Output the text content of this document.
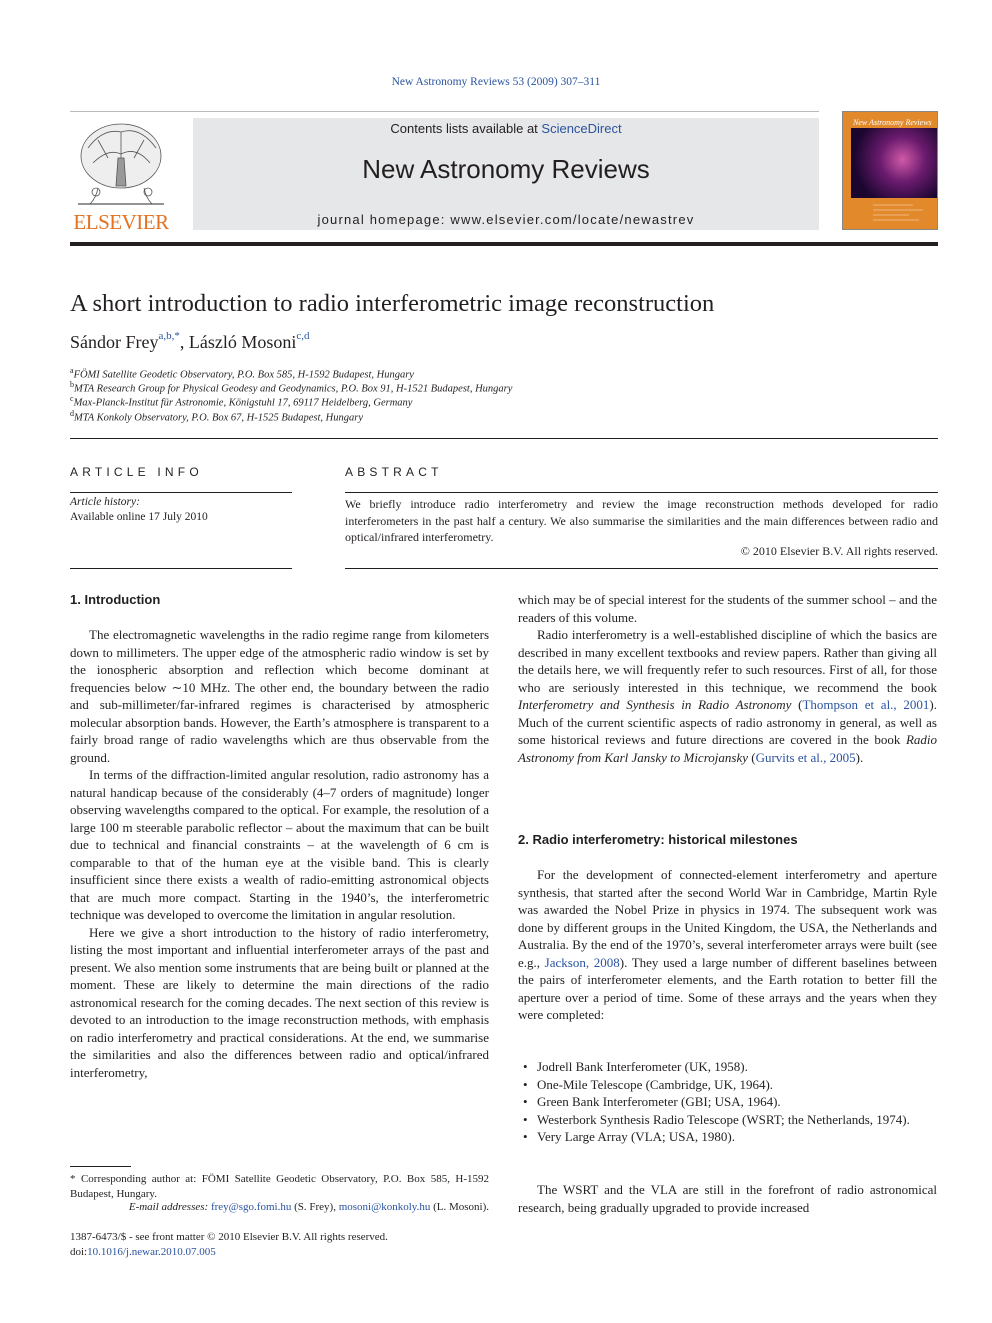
New Astronomy Reviews 53 (2009) 307–311
ELSEVIER
Contents lists available at ScienceDirect
New Astronomy Reviews
journal homepage: www.elsevier.com/locate/newastrev
New Astronomy Reviews
A short introduction to radio interferometric image reconstruction
Sándor Frey$^{a,b,*}$, László Mosoni$^{c,d}$
$^a$FÖMI Satellite Geodetic Observatory, P.O. Box 585, H-1592 Budapest, Hungary
$^b$MTA Research Group for Physical Geodesy and Geodynamics, P.O. Box 91, H-1521 Budapest, Hungary
$^c$Max-Planck-Institut für Astronomie, Königstuhl 17, 69117 Heidelberg, Germany
$^d$MTA Konkoly Observatory, P.O. Box 67, H-1525 Budapest, Hungary
ARTICLE INFO	ABSTRACT
Article history:
Available online 17 July 2010
We briefly introduce radio interferometry and review the image reconstruction methods developed for radio interferometers in the past half a century. We also summarise the similarities and the main differences between radio and optical/infrared interferometry.
© 2010 Elsevier B.V. All rights reserved.
1. Introduction

The electromagnetic wavelengths in the radio regime range from kilometers down to millimeters. The upper edge of the atmospheric radio window is set by the ionospheric absorption and reflection which become dominant at frequencies below ∼10 MHz. The other end, the boundary between the radio and sub-millimeter/far-infrared regimes is characterised by atmospheric molecular absorption bands. However, the Earth’s atmosphere is transparent to a fairly broad range of radio wavelengths which are thus observable from the ground.

In terms of the diffraction-limited angular resolution, radio astronomy has a natural handicap because of the considerably (4–7 orders of magnitude) longer observing wavelengths compared to the optical. For example, the resolution of a large 100 m steerable parabolic reflector – about the maximum that can be built due to technical and financial constraints – at the wavelength of 6 cm is comparable to that of the human eye at the visible band. This is clearly insufficient since there exists a wealth of radio-emitting astronomical objects that are much more compact. Starting in the 1940’s, the interferometric technique was developed to overcome the limitation in angular resolution.

Here we give a short introduction to the history of radio interferometry, listing the most important and influential interferometer arrays of the past and present. We also mention some instruments that are being built or planned at the moment. These are likely to determine the main directions of the radio astronomical research for the coming decades. The next section of this review is devoted to an introduction to the image reconstruction methods, with emphasis on radio interferometry and practical considerations. At the end, we summarise the similarities and also the differences between radio and optical/infrared interferometry,

which may be of special interest for the students of the summer school – and the readers of this volume.

Radio interferometry is a well-established discipline of which the basics are described in many excellent textbooks and review papers. Rather than giving all the details here, we will frequently refer to such resources. First of all, for those who are seriously interested in this technique, we recommend the book Interferometry and Synthesis in Radio Astronomy (Thompson et al., 2001). Much of the current scientific aspects of radio astronomy in general, as well as some historical reviews and future directions are covered in the book Radio Astronomy from Karl Jansky to Microjansky (Gurvits et al., 2005).

2. Radio interferometry: historical milestones

For the development of connected-element interferometry and aperture synthesis, that started after the second World War in Cambridge, Martin Ryle was awarded the Nobel Prize in physics in 1974. The subsequent work was done by different groups in the United Kingdom, the USA, the Netherlands and Australia. By the end of the 1970’s, several interferometer arrays were built (see e.g., Jackson, 2008). They used a large number of different baselines between the pairs of interferometer elements, and the Earth rotation to better fill the aperture over a period of time. Some of these arrays and the years when they were completed:

• Jodrell Bank Interferometer (UK, 1958).
• One-Mile Telescope (Cambridge, UK, 1964).
• Green Bank Interferometer (GBI; USA, 1964).
• Westerbork Synthesis Radio Telescope (WSRT; the Netherlands, 1974).
• Very Large Array (VLA; USA, 1980).

The WSRT and the VLA are still in the forefront of radio astronomical research, being gradually upgraded to provide increased

* Corresponding author at: FÖMI Satellite Geodetic Observatory, P.O. Box 585, H-1592 Budapest, Hungary.
E-mail addresses: frey@sgo.fomi.hu (S. Frey), mosoni@konkoly.hu (L. Mosoni).
1387-6473/$ - see front matter © 2010 Elsevier B.V. All rights reserved.
doi:10.1016/j.newar.2010.07.005
